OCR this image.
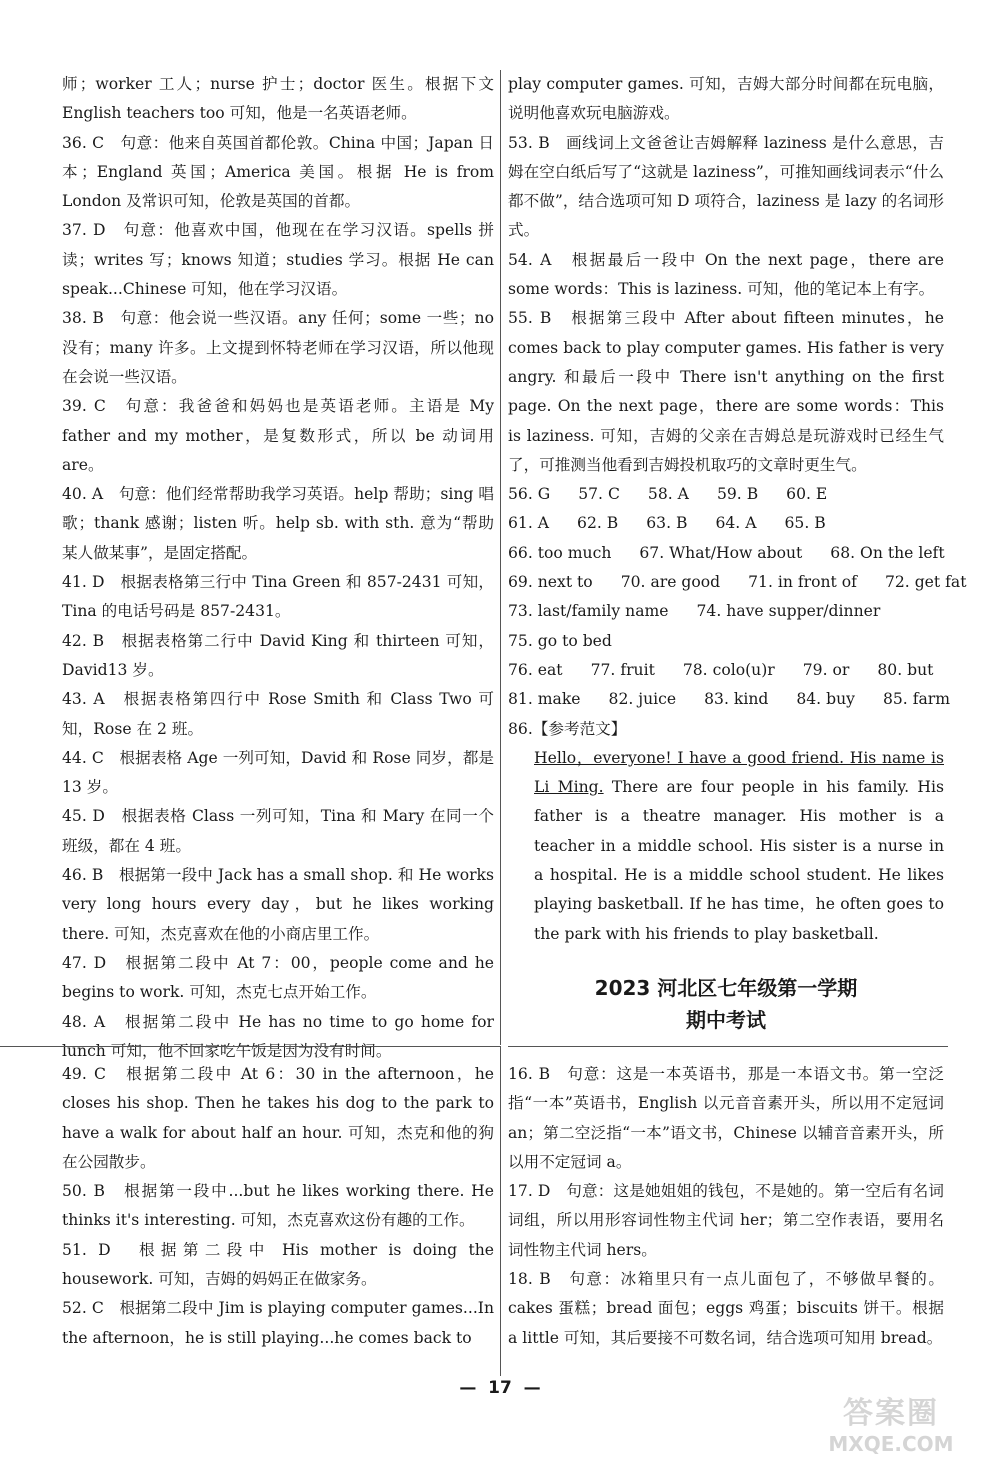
师；worker 工人；nurse 护士；doctor 医生。根据下文 English teachers too 可知，他是一名英语老师。
36. C　句意：他来自英国首都伦敦。China 中国；Japan 日本；England 英国；America 美国。根据 He is from London 及常识可知，伦敦是英国的首都。
37. D　句意：他喜欢中国，他现在在学习汉语。spells 拼读；writes 写；knows 知道；studies 学习。根据 He can speak...Chinese 可知，他在学习汉语。
38. B　句意：他会说一些汉语。any 任何；some 一些；no 没有；many 许多。上文提到怀特老师在学习汉语，所以他现在会说一些汉语。
39. C　句意：我爸爸和妈妈也是英语老师。主语是 My father and my mother，是复数形式，所以 be 动词用 are。
40. A　句意：他们经常帮助我学习英语。help 帮助；sing 唱歌；thank 感谢；listen 听。help sb. with sth. 意为“帮助某人做某事”，是固定搭配。
41. D　根据表格第三行中 Tina Green 和 857-2431 可知，Tina 的电话号码是 857-2431。
42. B　根据表格第二行中 David King 和 thirteen 可知，David13 岁。
43. A　根据表格第四行中 Rose Smith 和 Class Two 可知，Rose 在 2 班。
44. C　根据表格 Age 一列可知，David 和 Rose 同岁，都是 13 岁。
45. D　根据表格 Class 一列可知，Tina 和 Mary 在同一个班级，都在 4 班。
46. B　根据第一段中 Jack has a small shop. 和 He works very long hours every day，but he likes working there. 可知，杰克喜欢在他的小商店里工作。
47. D　根据第二段中 At 7：00，people come and he begins to work. 可知，杰克七点开始工作。
48. A　根据第二段中 He has no time to go home for lunch 可知，他不回家吃午饭是因为没有时间。
play computer games. 可知，吉姆大部分时间都在玩电脑，说明他喜欢玩电脑游戏。
53. B　画线词上文爸爸让吉姆解释 laziness 是什么意思，吉姆在空白纸后写了“这就是 laziness”，可推知画线词表示“什么都不做”，结合选项可知 D 项符合，laziness 是 lazy 的名词形式。
54. A　根据最后一段中 On the next page，there are some words：This is laziness. 可知，他的笔记本上有字。
55. B　根据第三段中 After about fifteen minutes，he comes back to play computer games. His father is very angry. 和最后一段中 There isn't anything on the first page. On the next page，there are some words：This is laziness. 可知，吉姆的父亲在吉姆总是玩游戏时已经生气了，可推测当他看到吉姆投机取巧的文章时更生气。
56. G 57. C 58. A 59. B 60. E
61. A 62. B 63. B 64. A 65. B
66. too much 67. What/How about 68. On the left
69. next to 70. are good 71. in front of 72. get fat
73. last/family name 74. have supper/dinner
75. go to bed
76. eat 77. fruit 78. colo(u)r 79. or 80. but
81. make 82. juice 83. kind 84. buy 85. farm
86.【参考范文】
Hello，everyone! I have a good friend. His name is Li Ming. There are four people in his family. His father is a theatre manager. His mother is a teacher in a middle school. His sister is a nurse in a hospital. He is a middle school student. He likes playing basketball. If he has time，he often goes to the park with his friends to play basketball.
2023 河北区七年级第一学期
期中考试
49. C　根据第二段中 At 6：30 in the afternoon，he closes his shop. Then he takes his dog to the park to have a walk for about half an hour. 可知，杰克和他的狗在公园散步。
50. B　根据第一段中...but he likes working there. He thinks it's interesting. 可知，杰克喜欢这份有趣的工作。
51. D　根据第二段中 His mother is doing the housework. 可知，吉姆的妈妈正在做家务。
52. C　根据第二段中 Jim is playing computer games...In the afternoon，he is still playing...he comes back to
16. B　句意：这是一本英语书，那是一本语文书。第一空泛指“一本”英语书，English 以元音音素开头，所以用不定冠词 an；第二空泛指“一本”语文书，Chinese 以辅音音素开头，所以用不定冠词 a。
17. D　句意：这是她姐姐的钱包，不是她的。第一空后有名词词组，所以用形容词性物主代词 her；第二空作表语，要用名词性物主代词 hers。
18. B　句意：冰箱里只有一点儿面包了，不够做早餐的。cakes 蛋糕；bread 面包；eggs 鸡蛋；biscuits 饼干。根据 a little 可知，其后要接不可数名词，结合选项可知用 bread。
—  17  —
答案圈
MXQE.COM
